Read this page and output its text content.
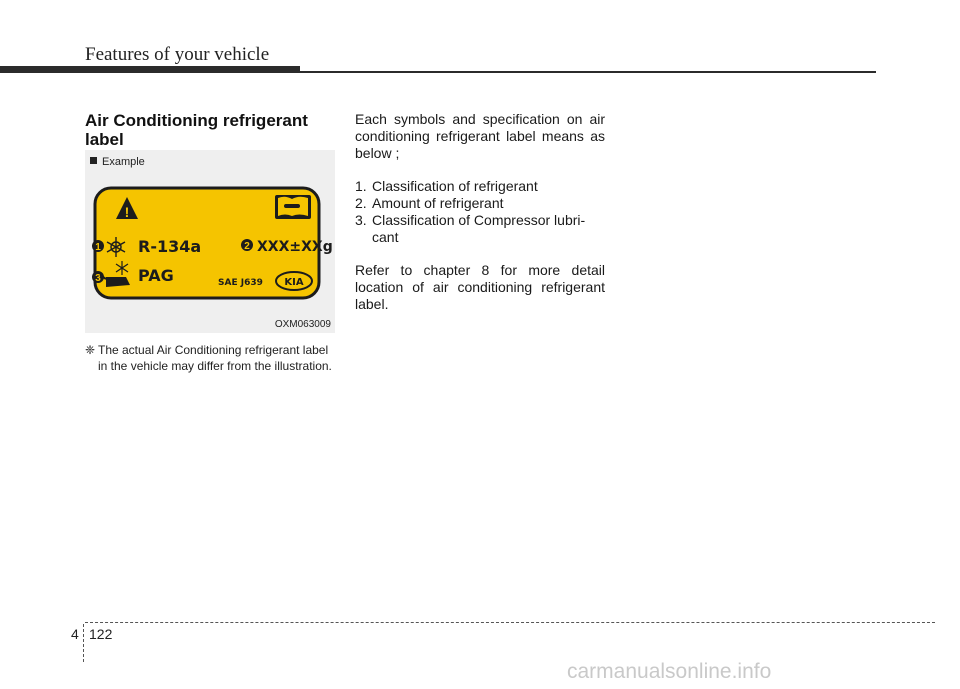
Features of your vehicle
Air Conditioning refrigerant label
Example
!
1 R-134a	2 XXX±XXg
3 PAG	SAE J639 KIA
OXM063009
❈ The actual Air Conditioning refrigerant label in the vehicle may differ from the illustration.

Each symbols and specification on air conditioning refrigerant label means as below ;

1. Classification of refrigerant

2. Amount of refrigerant

3. Classification of Compressor lubri-cant

Refer to chapter 8 for more detail location of air conditioning refrigerant label.

4 122
carmanualsonline.info
